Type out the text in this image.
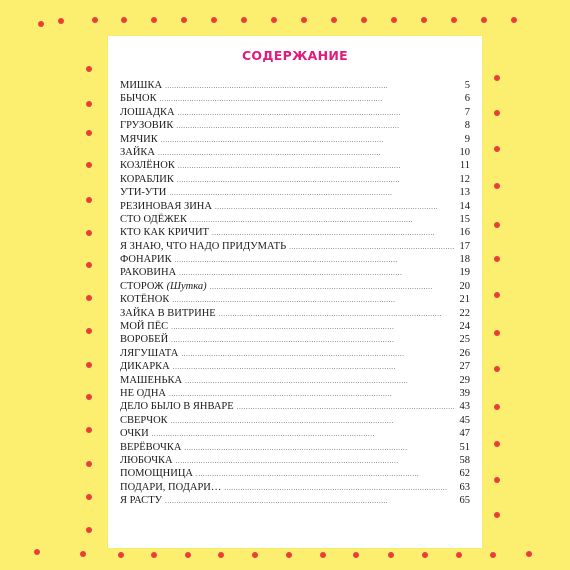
СОДЕРЖАНИЕ
МИШКА . . .	5
БЫЧОК . . .	6
ЛОШАДКА . . .	7
ГРУЗОВИК . . .	8
МЯЧИК . . .	9
ЗАЙКА . . .	10
КОЗЛЁНОК . . .	11
КОРАБЛИК . . .	12
УТИ-УТИ . . .	13
РЕЗИНОВАЯ ЗИНА . . .	14
СТО ОДЁЖЕК . . .	15
КТО КАК КРИЧИТ . . .	16
Я ЗНАЮ, ЧТО НАДО ПРИДУМАТЬ . . .	17
ФОНАРИК . . .	18
РАКОВИНА . . .	19
СТОРОЖ (Шутка) . . .	20
КОТЁНОК . . .	21
ЗАЙКА В ВИТРИНЕ . . .	22
МОЙ ПЁС . . .	24
ВОРОБЕЙ . . .	25
ЛЯГУШАТА . . .	26
ДИКАРКА . . .	27
МАШЕНЬКА . . .	29
НЕ ОДНА . . .	39
ДЕЛО БЫЛО В ЯНВАРЕ . . .	43
СВЕРЧОК . . .	45
ОЧКИ . . .	47
ВЕРЁВОЧКА . . .	51
ЛЮБОЧКА . . .	58
ПОМОЩНИЦА . . .	62
ПОДАРИ, ПОДАРИ… . . .	63
Я РАСТУ . . .	65
